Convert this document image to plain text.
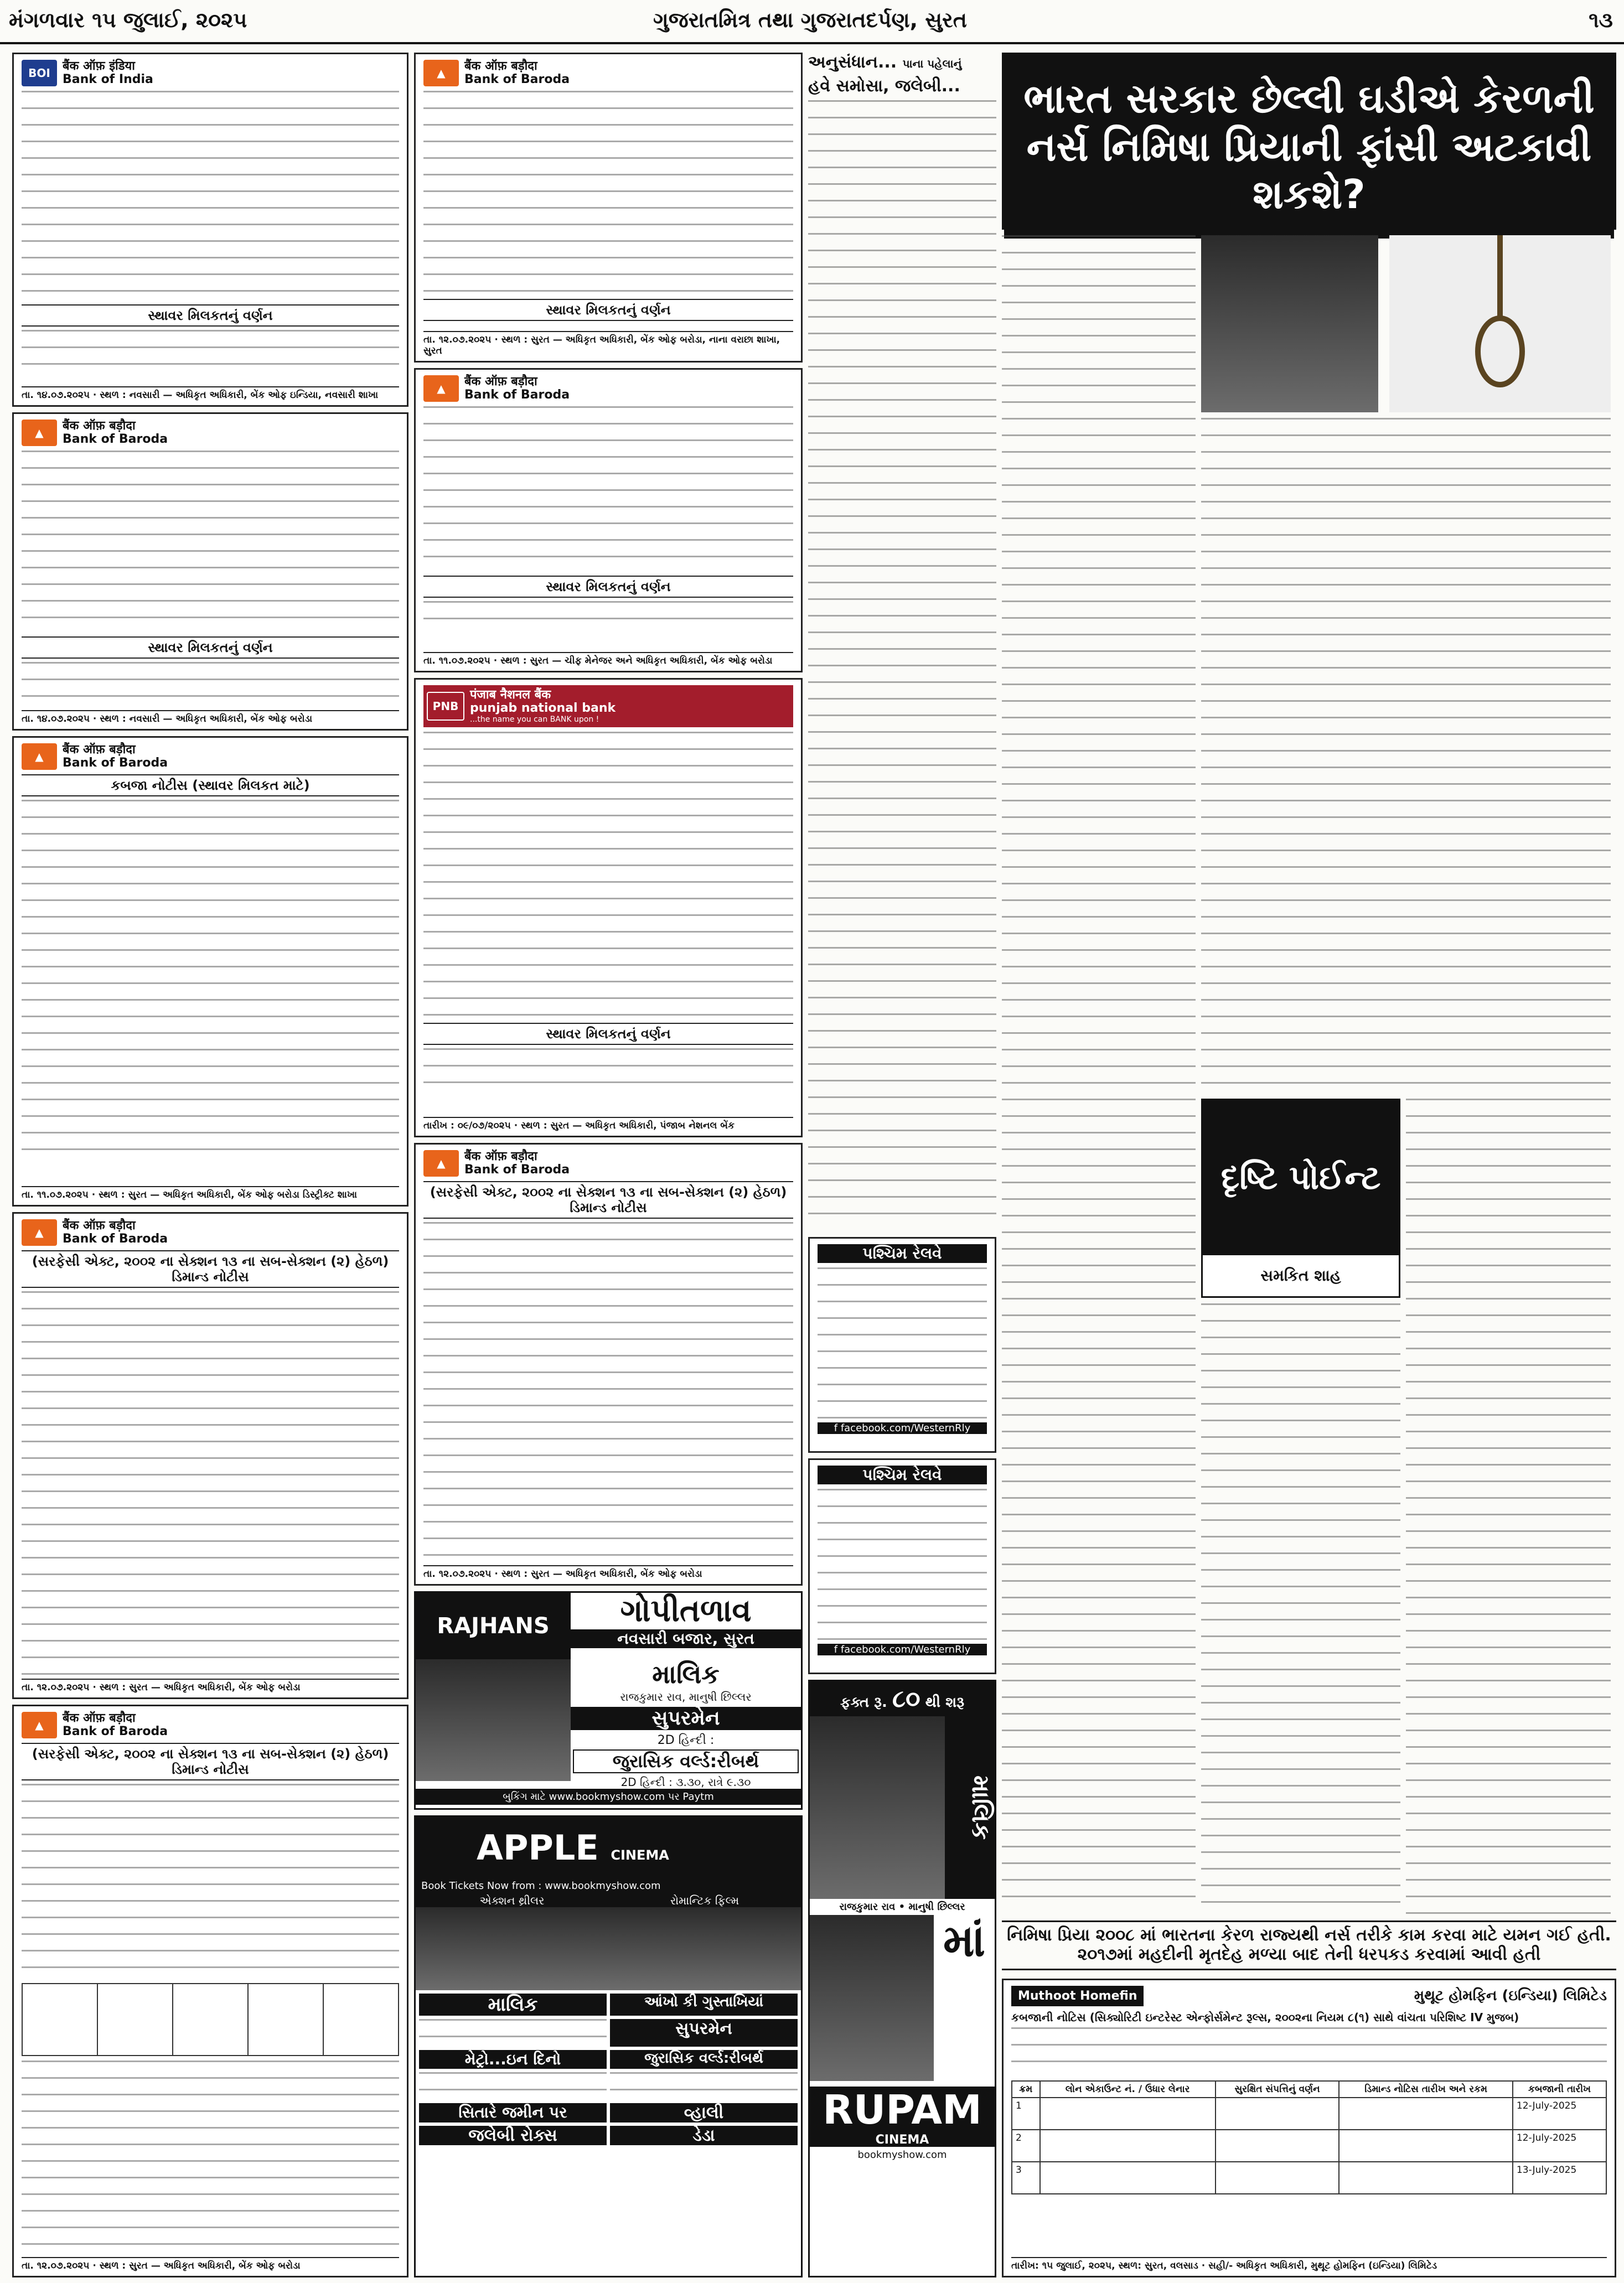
મંગળવાર ૧૫ જુલાઈ, ૨૦૨૫	ગુજરાતમિત્ર તથા ગુજરાતદર્પણ, સુરત	૧૩
BOI
बैंक ऑफ़ इंडिया
Bank of India
સ્થાવર મિલકતનું વર્ણન
તા. ૧૪.૦૭.૨૦૨૫ · સ્થળ : નવસારી — અધિકૃત અધિકારી, બેંક ઓફ ઇન્ડિયા, નવસારી શાખા
▲
बैंक ऑफ़ बड़ौदा
Bank of Baroda
સ્થાવર મિલકતનું વર્ણન
તા. ૧૪.૦૭.૨૦૨૫ · સ્થળ : નવસારી — અધિકૃત અધિકારી, બેંક ઓફ બરોડા
▲
बैंक ऑफ़ बड़ौदा
Bank of Baroda
કબજા નોટીસ (સ્થાવર મિલકત માટે)
તા. ૧૧.૦૭.૨૦૨૫ · સ્થળ : સુરત — અધિકૃત અધિકારી, બેંક ઓફ બરોડા ડિસ્ટ્રીક્ટ શાખા
▲
बैंक ऑफ़ बड़ौदा
Bank of Baroda
(સરફેસી એક્ટ, ૨૦૦૨ ના સેક્શન ૧૩ ના સબ-સેક્શન (૨) હેઠળ) ડિમાન્ડ નોટીસ
તા. ૧૨.૦૭.૨૦૨૫ · સ્થળ : સુરત — અધિકૃત અધિકારી, બેંક ઓફ બરોડા
▲
बैंक ऑफ़ बड़ौदा
Bank of Baroda
(સરફેસી એક્ટ, ૨૦૦૨ ના સેક્શન ૧૩ ના સબ-સેક્શન (૨) હેઠળ) ડિમાન્ડ નોટીસ

તા. ૧૨.૦૭.૨૦૨૫ · સ્થળ : સુરત — અધિકૃત અધિકારી, બેંક ઓફ બરોડા
▲
बैंक ऑफ़ बड़ौदा
Bank of Baroda
સ્થાવર મિલકતનું વર્ણન
તા. ૧૨.૦૭.૨૦૨૫ · સ્થળ : સુરત — અધિકૃત અધિકારી, બેંક ઓફ બરોડા, નાના વરાછા શાખા, સુરત
▲
बैंक ऑफ़ बड़ौदा
Bank of Baroda
સ્થાવર મિલકતનું વર્ણન
તા. ૧૧.૦૭.૨૦૨૫ · સ્થળ : સુરત — ચીફ મેનેજર અને અધિકૃત અધિકારી, બેંક ઓફ બરોડા
PNB
पंजाब नैशनल बैंक
punjab national bank
...the name you can BANK upon !
સ્થાવર મિલકતનું વર્ણન
તારીખ : ૦૯/૦૭/૨૦૨૫ · સ્થળ : સુરત — અધિકૃત અધિકારી, પંજાબ નેશનલ બેંક
▲
बैंक ऑफ़ बड़ौदा
Bank of Baroda
(સરફેસી એક્ટ, ૨૦૦૨ ના સેક્શન ૧૩ ના સબ-સેક્શન (૨) હેઠળ) ડિમાન્ડ નોટીસ
તા. ૧૨.૦૭.૨૦૨૫ · સ્થળ : સુરત — અધિકૃત અધિકારી, બેંક ઓફ બરોડા
RAJHANS	ગોપીતળાવ
નવસારી બજાર, સુરત
માલિક
રાજકુમાર રાવ, માનુષી છિલ્લર
સુપરમેન
2D હિન્દી :
જુરાસિક વર્લ્ડ:રીબર્થ
2D હિન્દી : ૩.૩૦, રાત્રે ૯.૩૦
બુકિંગ માટે www.bookmyshow.com પર Paytm
APPLE CINEMA
Book Tickets Now from : www.bookmyshow.com
એક્શન થ્રીલર	રોમાન્ટિક ફિલ્મ
માલિક	આંખો કી ગુસ્તાખિયાં
સુપરમેન
મેટ્રો...ઇન દિનો	જુરાસિક વર્લ્ડ:રીબર્થ
સિતારે જમીન પર	વ્હાલી
જલેબી રોક્સ	ડેડા
અનુસંધાન... પાના પહેલાનું
હવે સમોસા, જલેબી...
પશ્ચિમ રેલવે
f facebook.com/WesternRly
પશ્ચિમ રેલવે
f facebook.com/WesternRly
ફક્ત રૂ. ૮૦ થી શરૂ
માલિક
રાજકુમાર રાવ • માનુષી છિલ્લર
માં
RUPAM
CINEMA
bookmyshow.com
ભારત સરકાર છેલ્લી ઘડીએ કેરળની નર્સ નિમિષા પ્રિયાની ફાંસી અટકાવી શકશે?
દૃષ્ટિ પોઈન્ટ
સમકિત શાહ
નિમિષા પ્રિયા ૨૦૦૮ માં ભારતના કેરળ રાજ્યથી નર્સ તરીકે કામ કરવા માટે યમન ગઈ હતી. ૨૦૧૭માં મહદીની મૃતદેહ મળ્યા બાદ તેની ધરપકડ કરવામાં આવી હતી
Muthoot Homefin	મુથૂટ હોમફિન (ઇન્ડિયા) લિમિટેડ
કબજાની નોટિસ (સિક્યોરિટી ઇન્ટરેસ્ટ એન્ફોર્સમેન્ટ રૂલ્સ, ૨૦૦૨ના નિયમ ૮(૧) સાથે વાંચતા પરિશિષ્ટ IV મુજબ)
ક્રમ	લોન એકાઉન્ટ નં. / ઉધાર લેનાર	સુરક્ષિત સંપત્તિનું વર્ણન	ડિમાન્ડ નોટિસ તારીખ અને રકમ	કબજાની તારીખ
1				12-July-2025
2				12-July-2025
3				13-July-2025
તારીખ: ૧૫ જુલાઈ, ૨૦૨૫, સ્થળ: સુરત, વલસાડ · સહી/- અધિકૃત અધિકારી, મુથૂટ હોમફિન (ઇન્ડિયા) લિમિટેડ
